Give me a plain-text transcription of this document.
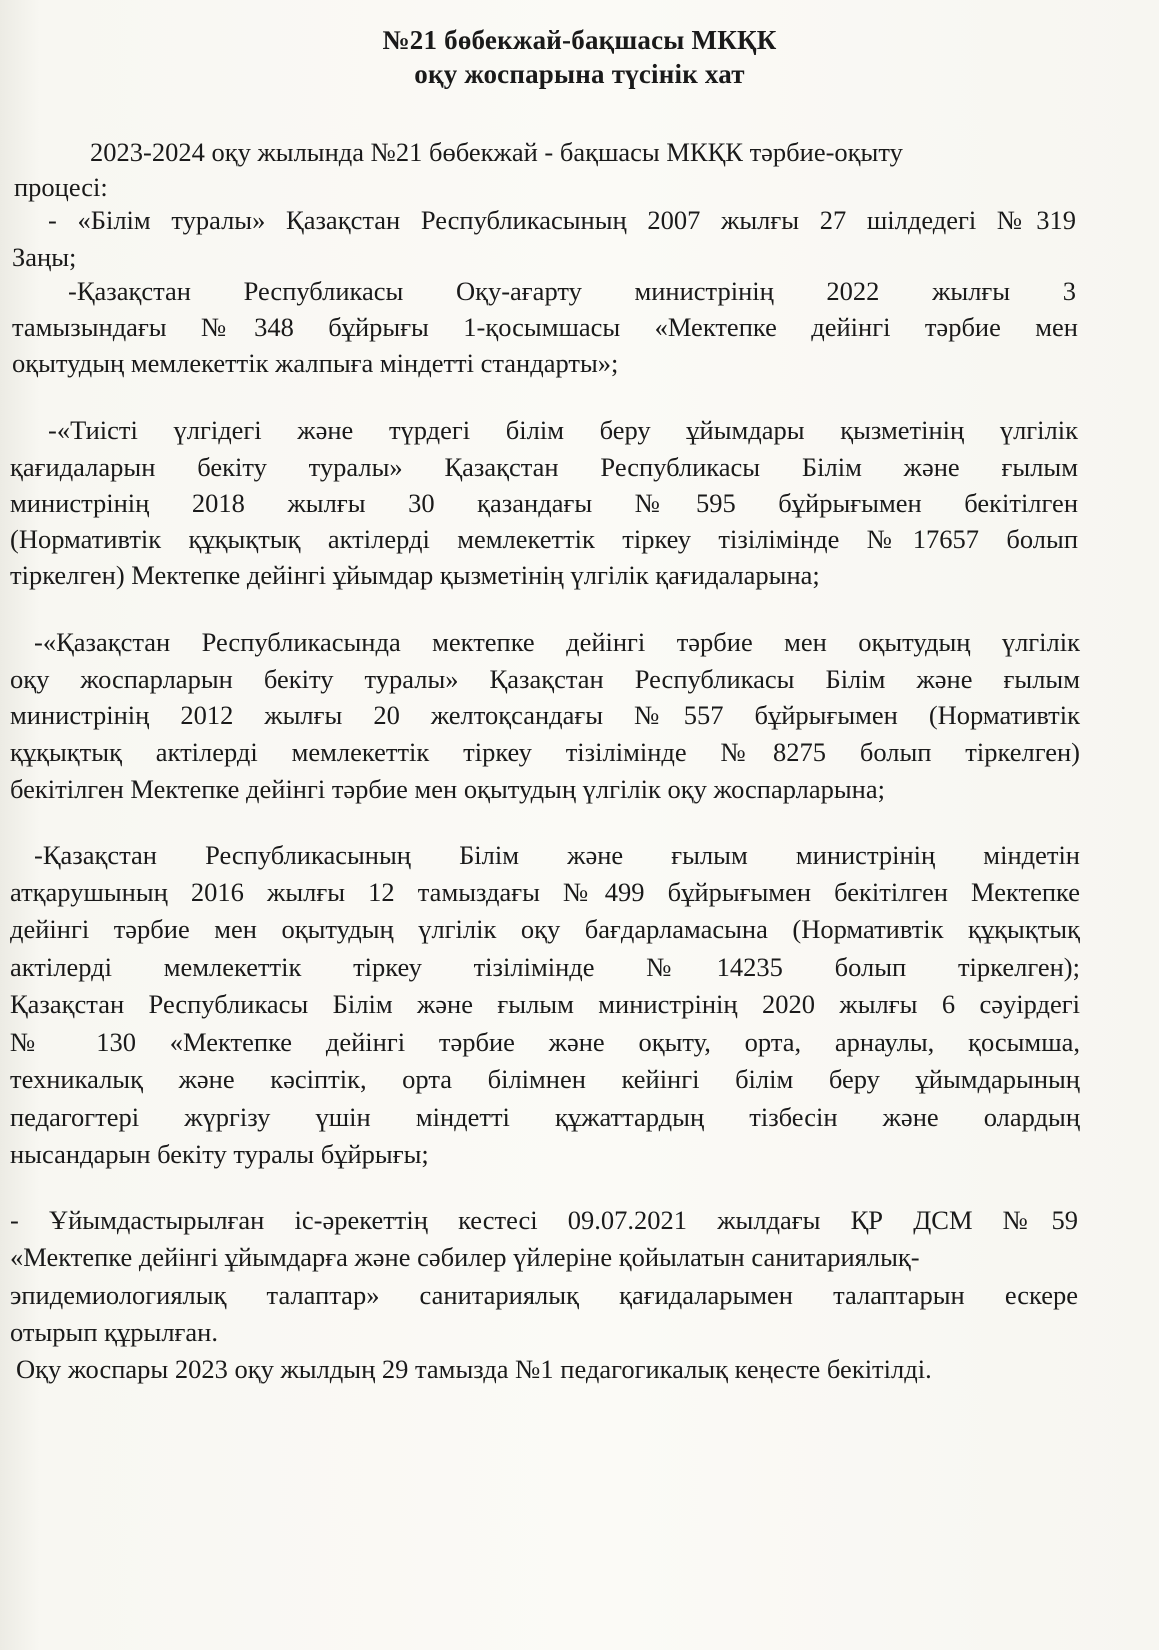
№21 бөбекжай-бақшасы МКҚК
оқу жоспарына түсінік хат
2023-2024 оқу жылында №21 бөбекжай - бақшасы МКҚК тәрбие-оқыту
процесі:
- «Білім туралы» Қазақстан Республикасының 2007 жылғы 27 шілдедегі №319
Заңы;
-Қазақстан Республикасы Оқу-ағарту министрінің 2022 жылғы 3
тамызындағы №348 бұйрығы 1-қосымшасы «Мектепке дейінгі тәрбие мен
оқытудың мемлекеттік жалпыға міндетті стандарты»;
-«Тиісті үлгідегі және түрдегі білім беру ұйымдары қызметінің үлгілік
қағидаларын бекіту туралы» Қазақстан Республикасы Білім және ғылым
министрінің 2018 жылғы 30 қазандағы №595 бұйрығымен бекітілген
(Нормативтік құқықтық актілерді мемлекеттік тіркеу тізілімінде №17657 болып
тіркелген) Мектепке дейінгі ұйымдар қызметінің үлгілік қағидаларына;
-«Қазақстан Республикасында мектепке дейінгі тәрбие мен оқытудың үлгілік
оқу жоспарларын бекіту туралы» Қазақстан Республикасы Білім және ғылым
министрінің 2012 жылғы 20 желтоқсандағы №557 бұйрығымен (Нормативтік
құқықтық актілерді мемлекеттік тіркеу тізілімінде №8275 болып тіркелген)
бекітілген Мектепке дейінгі тәрбие мен оқытудың үлгілік оқу жоспарларына;
-Қазақстан Республикасының Білім және ғылым министрінің міндетін
атқарушының 2016 жылғы 12 тамыздағы №499 бұйрығымен бекітілген Мектепке
дейінгі тәрбие мен оқытудың үлгілік оқу бағдарламасына (Нормативтік құқықтық
актілерді мемлекеттік тіркеу тізілімінде №14235 болып тіркелген);
Қазақстан Республикасы Білім және ғылым министрінің 2020 жылғы 6 сәуірдегі
№ 130 «Мектепке дейінгі тәрбие және оқыту, орта, арнаулы, қосымша,
техникалық және кәсіптік, орта білімнен кейінгі білім беру ұйымдарының
педагогтері жүргізу үшін міндетті құжаттардың тізбесін және олардың
нысандарын бекіту туралы бұйрығы;
- Ұйымдастырылған іс-әрекеттің кестесі 09.07.2021 жылдағы ҚР ДСМ №59
«Мектепке дейінгі ұйымдарға және сәбилер үйлеріне қойылатын санитариялық-
эпидемиологиялық талаптар» санитариялық қағидаларымен талаптарын ескере
отырып құрылған.
Оқу жоспары 2023 оқу жылдың 29 тамызда №1 педагогикалық кеңесте бекітілді.
